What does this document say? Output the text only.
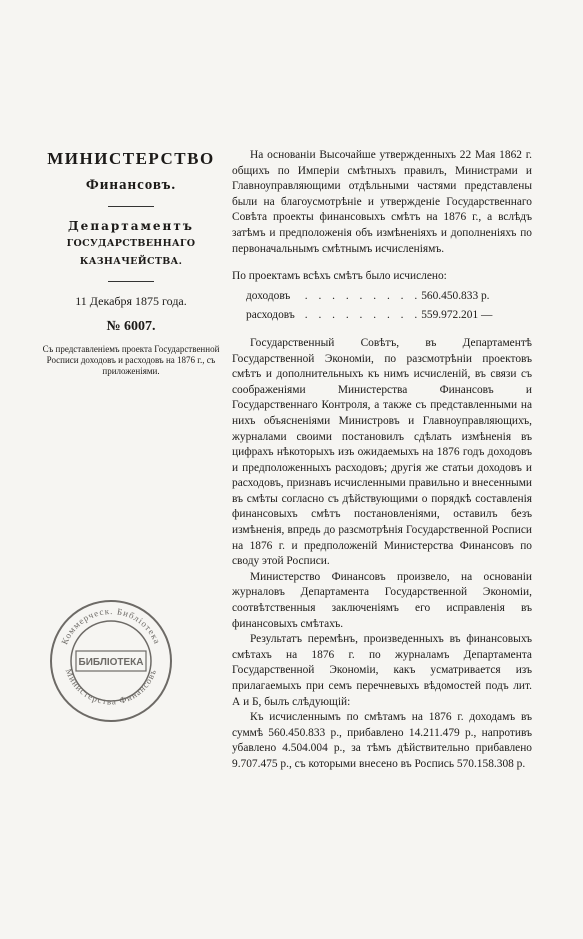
МИНИСТЕРСТВО

Финансовъ.

Департаментъ

ГОСУДАРСТВЕННАГО

КАЗНАЧЕЙСТВА.

11 Декабря 1875 года.

№ 6007.

Съ представленіемъ проекта Государственной Росписи доходовъ и расходовъ на 1876 г., съ приложеніями.

Коммерческ. Библіотека
Министерства Финансовъ
БИБЛІОТЕКА

На основаніи Высочайше утвержденныхъ 22 Мая 1862 г. общихъ по Имперіи смѣтныхъ правилъ, Министрами и Главноуправляющими отдѣльными частями представлены были на благоусмотрѣніе и утвержденіе Государственнаго Совѣта проекты финансовыхъ смѣтъ на 1876 г., а вслѣдъ затѣмъ и предположенія объ измѣненіяхъ и дополненіяхъ по первоначальнымъ смѣтнымъ исчисленіямъ.

По проектамъ всѣхъ смѣтъ было исчислено:

доходовъ	. . . . . . . . . 560.450.833 р.
расходовъ . . . . . . . . . 559.972.201 —

Государственный Совѣтъ, въ Департаментѣ Государственной Экономіи, по разсмотрѣніи проектовъ смѣтъ и дополнительныхъ къ нимъ исчисленій, въ связи съ соображеніями Министерства Финансовъ и Государственнаго Контроля, а также съ представленными на нихъ объясненіями Министровъ и Главноуправляющихъ, журналами своими постановилъ сдѣлать измѣненія въ цифрахъ нѣкоторыхъ изъ ожидаемыхъ на 1876 годъ доходовъ и предположенныхъ расходовъ; другія же статьи доходовъ и расходовъ, признавъ исчисленными правильно и внесенными въ смѣты согласно съ дѣйствующими о порядкѣ составленія финансовыхъ смѣтъ постановленіями, оставилъ безъ измѣненія, впредь до разсмотрѣнія Государственной Росписи на 1876 г. и предположеній Министерства Финансовъ по своду этой Росписи.

Министерство Финансовъ произвело, на основаніи журналовъ Департамента Государственной Экономіи, соотвѣтственныя заключеніямъ его исправленія въ финансовыхъ смѣтахъ.

Результатъ перемѣнъ, произведенныхъ въ финансовыхъ смѣтахъ на 1876 г. по журналамъ Департамента Государственной Экономіи, какъ усматривается изъ прилагаемыхъ при семъ перечневыхъ вѣдомостей подъ лит. А и Б, былъ слѣдующій:

Къ исчисленнымъ по смѣтамъ на 1876 г. доходамъ въ суммѣ 560.450.833 р., прибавлено 14.211.479 р., напротивъ убавлено 4.504.004 р., за тѣмъ дѣйствительно прибавлено 9.707.475 р., съ которыми внесено въ Роспись 570.158.308 р.
